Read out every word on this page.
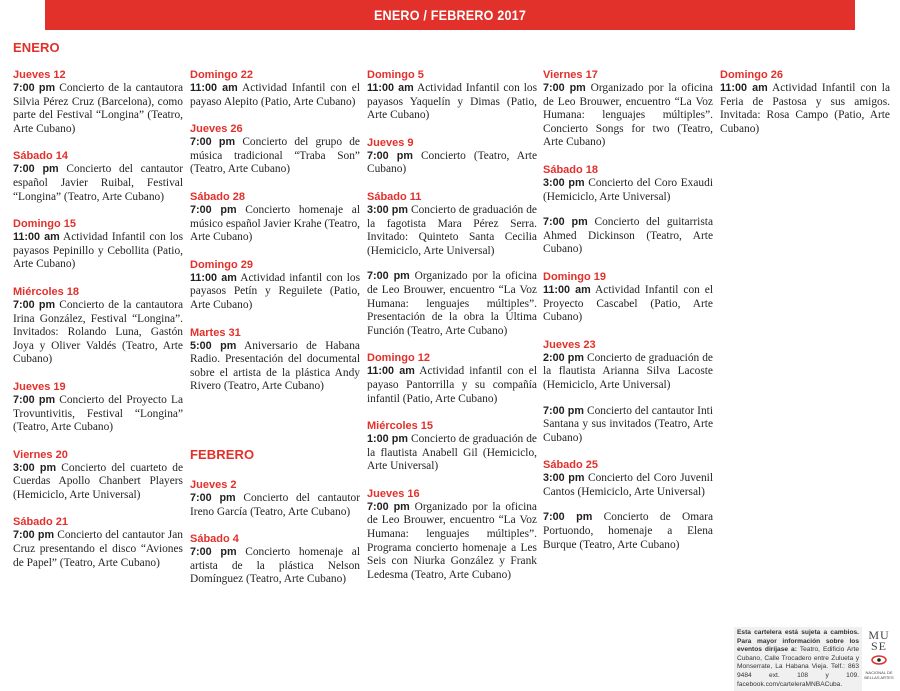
ENERO / FEBRERO 2017
ENERO
Jueves 12

7:00 pm Concierto de la cantautora Silvia Pérez Cruz (Barcelona), como parte del Festival “Longina” (Teatro, Arte Cubano)

Sábado 14

7:00 pm Concierto del cantautor español Javier Ruibal, Festival “Longina” (Teatro, Arte Cubano)

Domingo 15

11:00 am Actividad Infantil con los payasos Pepinillo y Cebollita (Patio, Arte Cubano)

Miércoles 18

7:00 pm Concierto de la cantautora Irina González, Festival “Longina”. Invitados: Rolando Luna, Gastón Joya y Oliver Valdés (Teatro, Arte Cubano)

Jueves 19

7:00 pm Concierto del Proyecto La Trovuntivitis, Festival “Longina” (Teatro, Arte Cubano)

Viernes 20

3:00 pm Concierto del cuarteto de Cuerdas Apollo Chanbert Players (Hemiciclo, Arte Universal)

Sábado 21

7:00 pm Concierto del cantautor Jan Cruz presentando el disco “Aviones de Papel” (Teatro, Arte Cubano)

Domingo 22

11:00 am Actividad Infantil con el payaso Alepito (Patio, Arte Cubano)

Jueves 26

7:00 pm Concierto del grupo de música tradicional “Traba Son” (Teatro, Arte Cubano)

Sábado 28

7:00 pm Concierto homenaje al músico español Javier Krahe (Teatro, Arte Cubano)

Domingo 29

11:00 am Actividad infantil con los payasos Petín y Reguilete (Patio, Arte Cubano)

Martes 31

5:00 pm Aniversario de Habana Radio. Presentación del documental sobre el artista de la plástica Andy Rivero (Teatro, Arte Cubano)

FEBRERO
Jueves 2

7:00 pm Concierto del cantautor Ireno García (Teatro, Arte Cubano)

Sábado 4

7:00 pm Concierto homenaje al artista de la plástica Nelson Domínguez (Teatro, Arte Cubano)

Domingo 5

11:00 am Actividad Infantil con los payasos Yaquelín y Dimas (Patio, Arte Cubano)

Jueves 9

7:00 pm Concierto (Teatro, Arte Cubano)

Sábado 11

3:00 pm Concierto de graduación de la fagotista Mara Pérez Serra. Invitado: Quinteto Santa Cecilia (Hemiciclo, Arte Universal)

7:00 pm Organizado por la oficina de Leo Brouwer, encuentro “La Voz Humana: lenguajes múltiples”. Presentación de la obra la Última Función (Teatro, Arte Cubano)

Domingo 12

11:00 am Actividad infantil con el payaso Pantorrilla y su compañía infantil (Patio, Arte Cubano)

Miércoles 15

1:00 pm Concierto de graduación de la flautista Anabell Gil (Hemiciclo, Arte Universal)

Jueves 16

7:00 pm Organizado por la oficina de Leo Brouwer, encuentro “La Voz Humana: lenguajes múltiples”. Programa concierto homenaje a Les Seis con Niurka González y Frank Ledesma (Teatro, Arte Cubano)

Viernes 17

7:00 pm Organizado por la oficina de Leo Brouwer, encuentro “La Voz Humana: lenguajes múltiples”. Concierto Songs for two (Teatro, Arte Cubano)

Sábado 18

3:00 pm Concierto del Coro Exaudi (Hemiciclo, Arte Universal)

7:00 pm Concierto del guitarrista Ahmed Dickinson (Teatro, Arte Cubano)

Domingo 19

11:00 am Actividad Infantil con el Proyecto Cascabel (Patio, Arte Cubano)

Jueves 23

2:00 pm Concierto de graduación de la flautista Arianna Silva Lacoste (Hemiciclo, Arte Universal)

7:00 pm Concierto del cantautor Inti Santana y sus invitados (Teatro, Arte Cubano)

Sábado 25

3:00 pm Concierto del Coro Juvenil Cantos (Hemiciclo, Arte Universal)

7:00 pm Concierto de Omara Portuondo, homenaje a Elena Burque (Teatro, Arte Cubano)

Domingo 26

11:00 am Actividad Infantil con la Feria de Pastosa y sus amigos. Invitada: Rosa Campo (Patio, Arte Cubano)

Esta cartelera está sujeta a cambios. Para mayor información sobre los eventos diríjase a: Teatro, Edificio Arte Cubano, Calle Trocadero entre Zulueta y Monserrate, La Habana Vieja. Telf.: 863 9484 ext. 108 y 109. facebook.com/carteleraMNBACuba.
MU
SE
NACIONAL DE BELLAS ARTES
